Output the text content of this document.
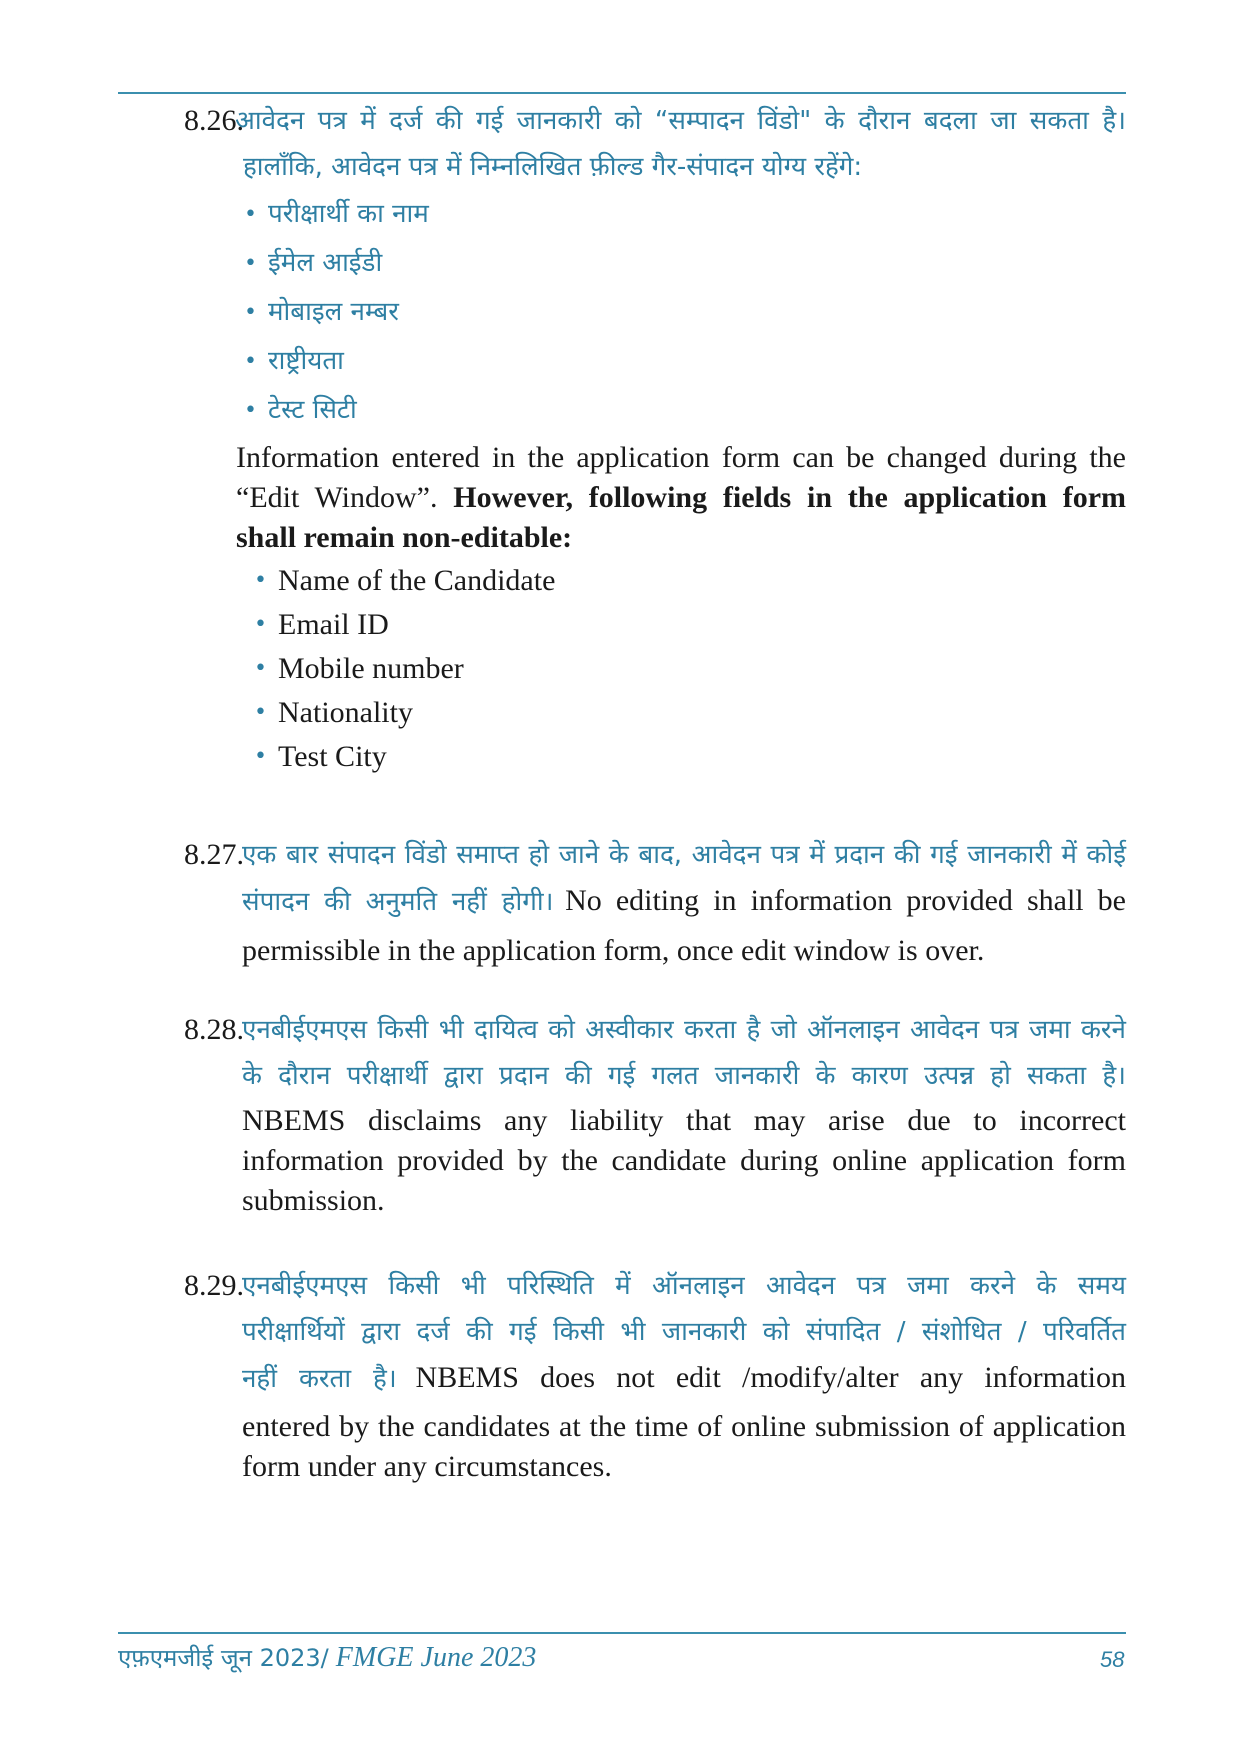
8.26.

आवेदन पत्र में दर्ज की गई जानकारी को “सम्पादन विंडो" के दौरान बदला जा सकता है।

हालाँकि, आवेदन पत्र में निम्नलिखित फ़ील्ड गैर-संपादन योग्य रहेंगे:

• परीक्षार्थी का नाम
• ईमेल आईडी
• मोबाइल नम्बर
• राष्ट्रीयता
• टेस्ट सिटी

Information entered in the application form can be changed during the “Edit Window”. However, following fields in the application form shall remain non-editable:

• Name of the Candidate
• Email ID
• Mobile number
• Nationality
• Test City
8.27.

एक बार संपादन विंडो समाप्त हो जाने के बाद, आवेदन पत्र में प्रदान की गई जानकारी में कोई

संपादन की अनुमति नहीं होगी। No editing in information provided shall be

permissible in the application form, once edit window is over.

8.28.

एनबीईएमएस किसी भी दायित्व को अस्वीकार करता है जो ऑनलाइन आवेदन पत्र जमा करने

के दौरान परीक्षार्थी द्वारा प्रदान की गई गलत जानकारी के कारण उत्पन्न हो सकता है।

NBEMS disclaims any liability that may arise due to incorrect information provided by the candidate during online application form submission.

8.29.

एनबीईएमएस किसी भी परिस्थिति में ऑनलाइन आवेदन पत्र जमा करने के समय

परीक्षार्थियों द्वारा दर्ज की गई किसी भी जानकारी को संपादित / संशोधित / परिवर्तित

नहीं करता है। NBEMS does not edit /modify/alter any information

entered by the candidates at the time of online submission of application form under any circumstances.

एफ़एमजीई जून 2023/ FMGE June 2023	58
